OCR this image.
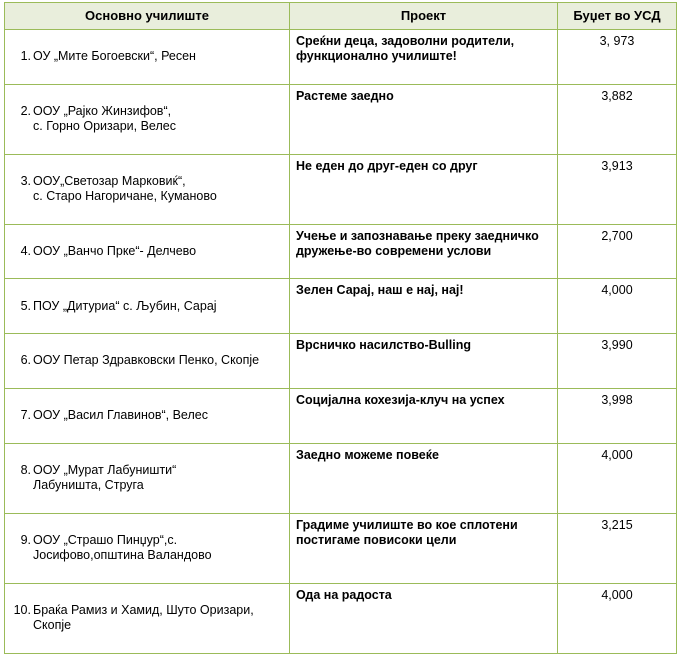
Основно училиште	Проект	Буџет во УСД

1. ОУ „Мите Богоевски“, Ресен	Среќни деца, задоволни родители, функционално училиште!	3, 973

2. ООУ „Рајко Жинзифов“,
с. Горно Оризари, Велес	Растеме заедно	3,882

3. ООУ„Светозар Марковиќ“,
с. Старо Нагоричане, Куманово	Не еден до друг-еден со друг	3,913

4. ООУ „Ванчо Прке“- Делчево	Учење и запознавање преку заедничко дружење-во современи услови	2,700

5. ПОУ „Дитуриа“ с. Љубин, Сарај	Зелен Сарај, наш е нај, нај!	4,000

6. ООУ Петар Здравковски Пенко, Скопје	Врсничко насилство-Bulling	3,990

7. ООУ „Васил Главинов“, Велес	Социјална кохезија-клуч на успех	3,998

8. ООУ „Мурат Лабуништи“
Лабуништа, Струга	Заедно можеме повеќе	4,000

9. ООУ „Страшо Пинџур“,с. Јосифово,општина Валандово	Градиме училиште во кое сплотени постигаме повисоки цели	3,215

10. Браќа Рамиз и Хамид, Шуто Оризари, Скопје	Ода на радоста	4,000
